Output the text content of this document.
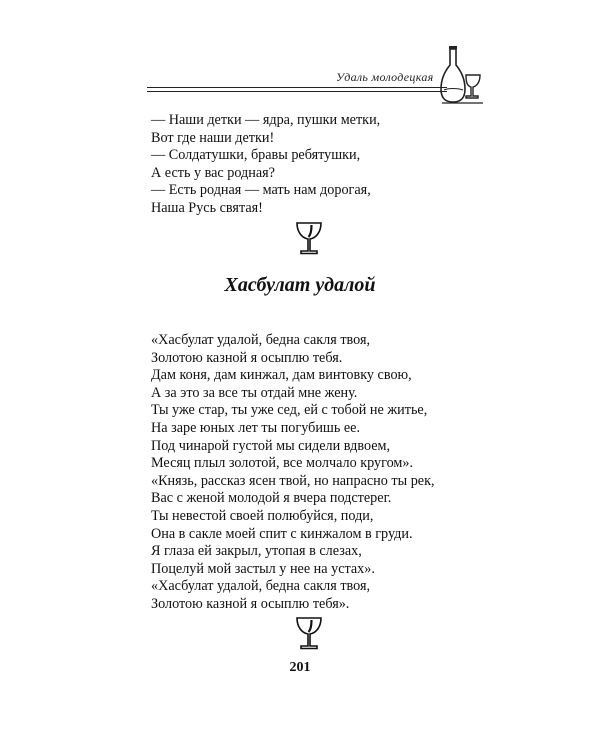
Удаль молодецкая
— Наши детки — ядра, пушки метки,
Вот где наши детки!
— Солдатушки, бравы ребятушки,
А есть у вас родная?
— Есть родная — мать нам дорогая,
Наша Русь святая!
Хасбулат удалой
«Хасбулат удалой, бедна сакля твоя,
Золотою казной я осыплю тебя.
Дам коня, дам кинжал, дам винтовку свою,
А за это за все ты отдай мне жену.
Ты уже стар, ты уже сед, ей с тобой не житье,
На заре юных лет ты погубишь ее.
Под чинарой густой мы сидели вдвоем,
Месяц плыл золотой, все молчало кругом».
«Князь, рассказ ясен твой, но напрасно ты рек,
Вас с женой молодой я вчера подстерег.
Ты невестой своей полюбуйся, поди,
Она в сакле моей спит с кинжалом в груди.
Я глаза ей закрыл, утопая в слезах,
Поцелуй мой застыл у нее на устах».
«Хасбулат удалой, бедна сакля твоя,
Золотою казной я осыплю тебя».
201
